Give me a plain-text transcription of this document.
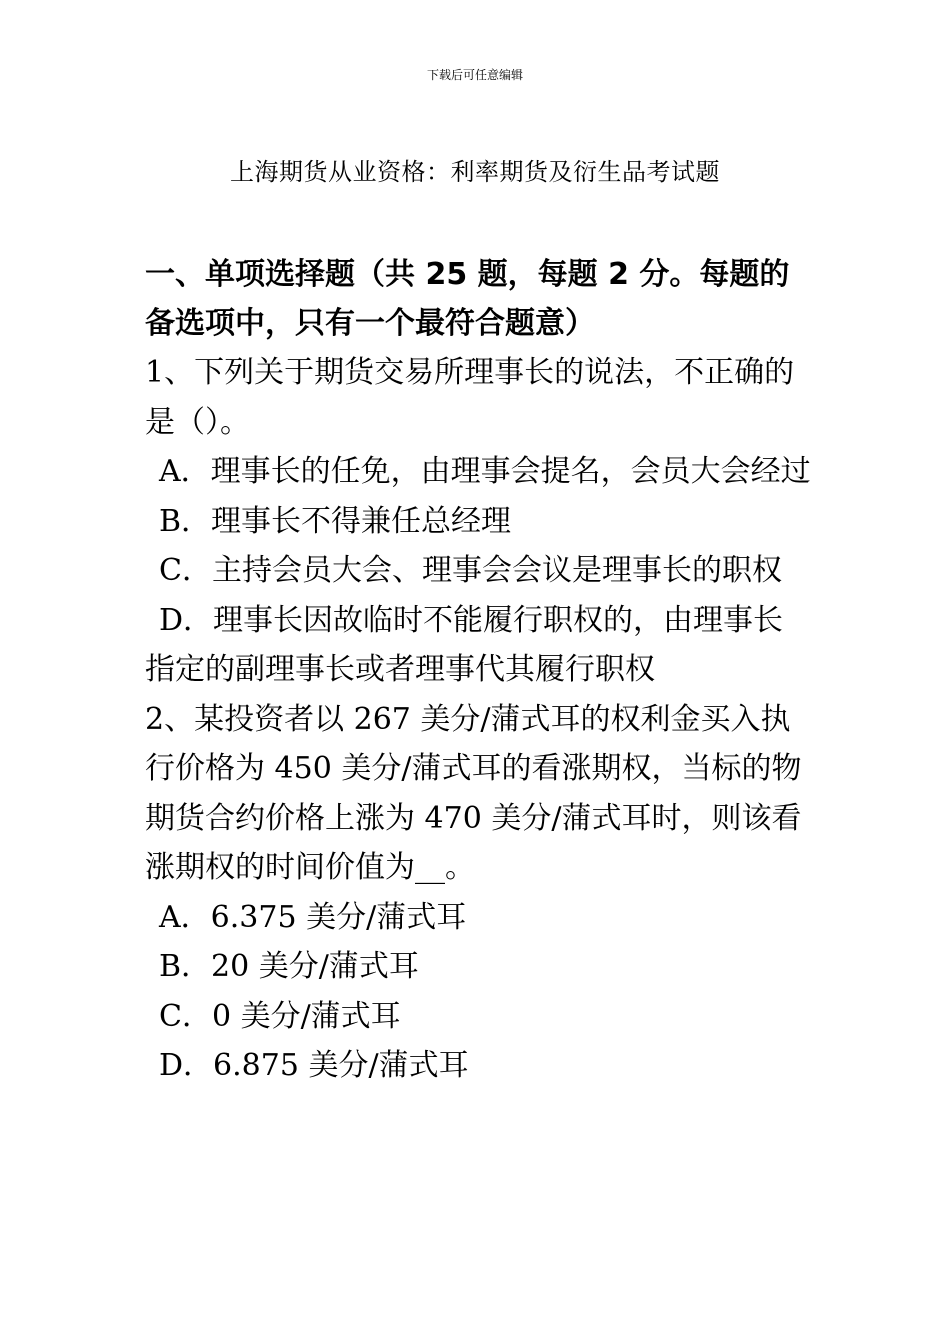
下载后可任意编辑
上海期货从业资格：利率期货及衍生品考试题

一、单项选择题（共 25 题，每题 2 分。每题的备选项中，只有一个最符合题意）

1、下列关于期货交易所理事长的说法，不正确的是（）。

A．理事长的任免，由理事会提名，会员大会经过

B．理事长不得兼任总经理

C．主持会员大会、理事会会议是理事长的职权

D．理事长因故临时不能履行职权的，由理事长指定的副理事长或者理事代其履行职权

2、某投资者以 267 美分/蒲式耳的权利金买入执行价格为 450 美分/蒲式耳的看涨期权，当标的物期货合约价格上涨为 470 美分/蒲式耳时，则该看涨期权的时间价值为__。

A．6.375 美分/蒲式耳

B．20 美分/蒲式耳

C．0 美分/蒲式耳

D．6.875 美分/蒲式耳
